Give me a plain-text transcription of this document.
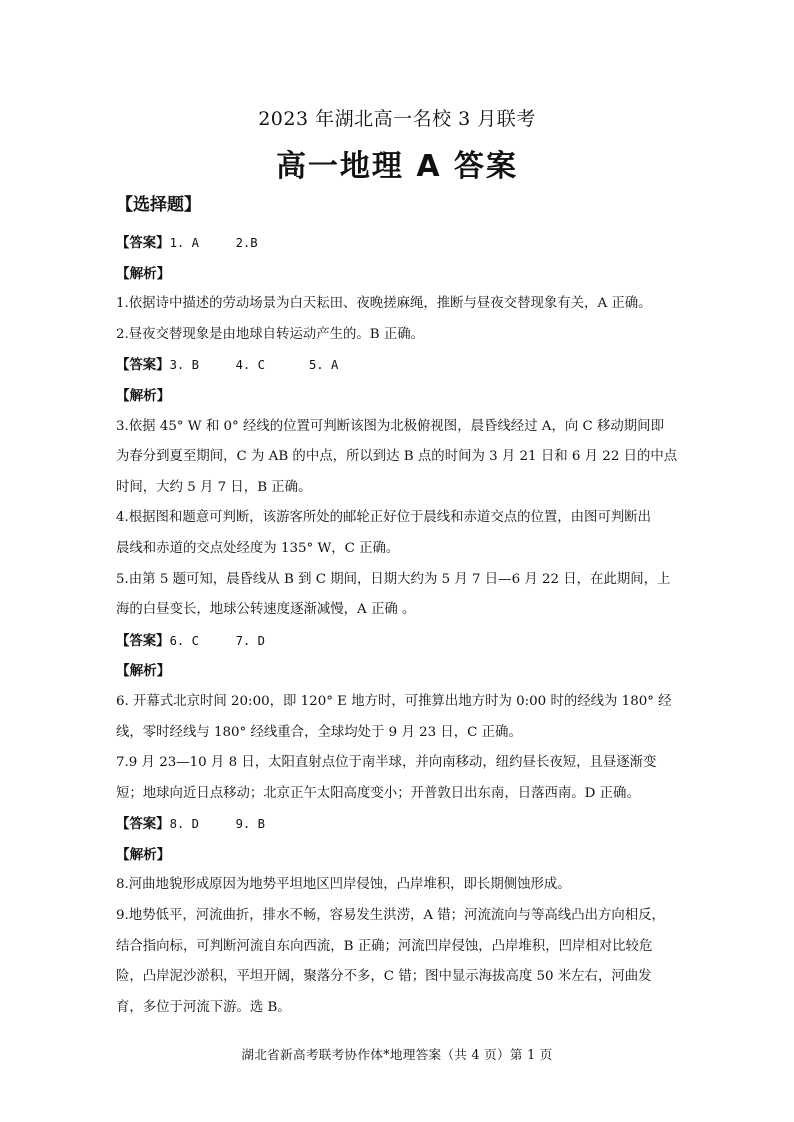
2023 年湖北高一名校 3 月联考
高一地理 A 答案
【选择题】
【答案】1. A     2.B
【解析】
1.依据诗中描述的劳动场景为白天耘田、夜晚搓麻绳，推断与昼夜交替现象有关，A 正确。
2.昼夜交替现象是由地球自转运动产生的。B 正确。
【答案】3. B     4. C      5. A
【解析】
3.依据 45° W 和 0° 经线的位置可判断该图为北极俯视图，晨昏线经过 A，向 C 移动期间即
为春分到夏至期间，C 为 AB 的中点，所以到达 B 点的时间为 3 月 21 日和 6 月 22 日的中点
时间，大约 5 月 7 日，B 正确。
4.根据图和题意可判断，该游客所处的邮轮正好位于晨线和赤道交点的位置，由图可判断出
晨线和赤道的交点处经度为 135° W，C 正确。
5.由第 5 题可知，晨昏线从 B 到 C 期间，日期大约为 5 月 7 日—6 月 22 日，在此期间，上
海的白昼变长，地球公转速度逐渐减慢，A 正确 。
【答案】6. C     7. D
【解析】
6. 开幕式北京时间 20:00，即 120° E 地方时，可推算出地方时为 0:00 时的经线为 180° 经
线，零时经线与 180° 经线重合，全球均处于 9 月 23 日，C 正确。
7.9 月 23—10 月 8 日，太阳直射点位于南半球，并向南移动，纽约昼长夜短，且昼逐渐变
短；地球向近日点移动；北京正午太阳高度变小；开普敦日出东南，日落西南。D 正确。
【答案】8. D     9. B
【解析】
8.河曲地貌形成原因为地势平坦地区凹岸侵蚀，凸岸堆积，即长期侧蚀形成。
9.地势低平，河流曲折，排水不畅，容易发生洪涝，A 错；河流流向与等高线凸出方向相反，
结合指向标，可判断河流自东向西流，B 正确；河流凹岸侵蚀，凸岸堆积，凹岸相对比较危
险，凸岸泥沙淤积，平坦开阔，聚落分不多，C 错；图中显示海拔高度 50 米左右，河曲发
育，多位于河流下游。选 B。
湖北省新高考联考协作体*地理答案（共 4 页）第 1 页
